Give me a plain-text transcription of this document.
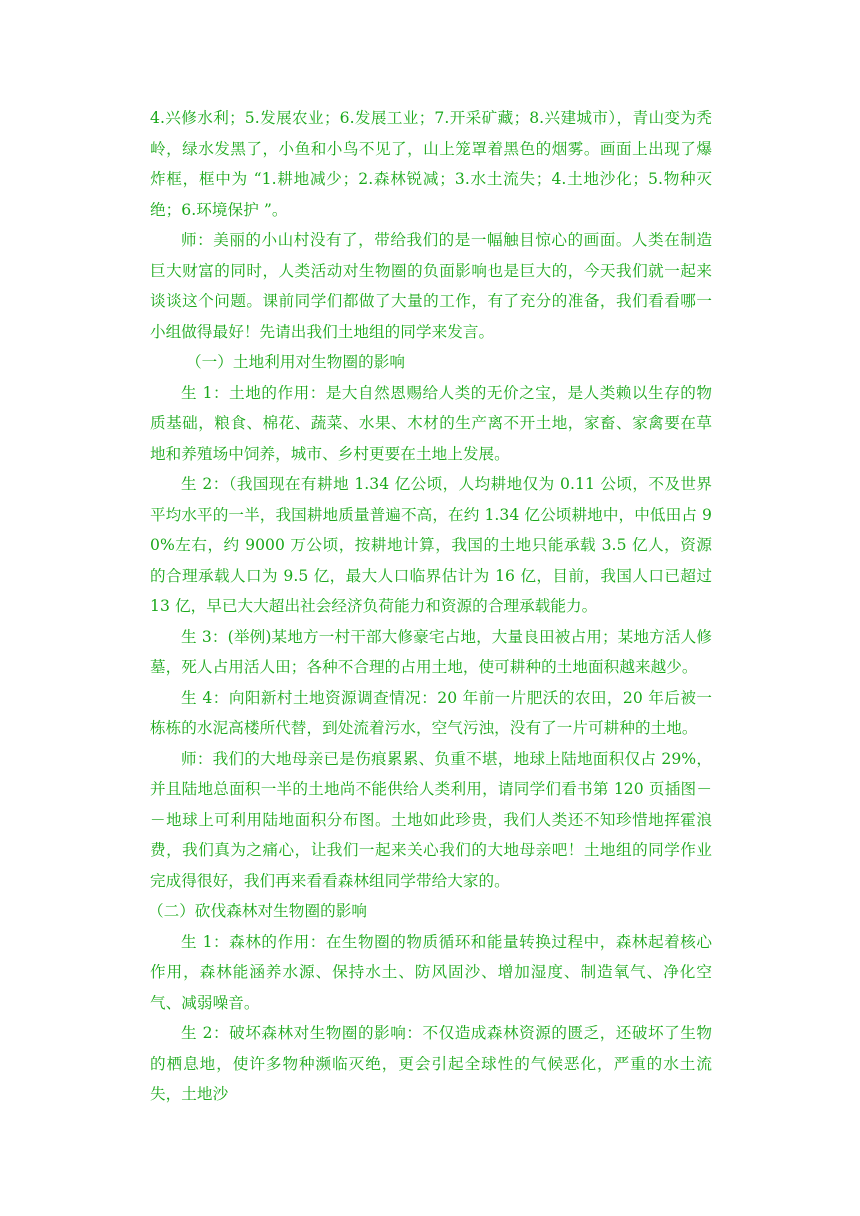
4.兴修水利；5.发展农业；6.发展工业；7.开采矿藏；8.兴建城市），青山变为秃岭，绿水发黑了，小鱼和小鸟不见了，山上笼罩着黑色的烟雾。画面上出现了爆炸框，框中为 “1.耕地减少；2.森林锐减；3.水土流失；4.土地沙化；5.物种灭绝；6.环境保护 ”。

师：美丽的小山村没有了，带给我们的是一幅触目惊心的画面。人类在制造巨大财富的同时，人类活动对生物圈的负面影响也是巨大的，今天我们就一起来谈谈这个问题。课前同学们都做了大量的工作，有了充分的准备，我们看看哪一小组做得最好！先请出我们土地组的同学来发言。

（一）土地利用对生物圈的影响

生 1：土地的作用：是大自然恩赐给人类的无价之宝，是人类赖以生存的物质基础，粮食、棉花、蔬菜、水果、木材的生产离不开土地，家畜、家禽要在草地和养殖场中饲养，城市、乡村更要在土地上发展。

生 2：（我国现在有耕地 1.34 亿公顷，人均耕地仅为 0.11 公顷，不及世界平均水平的一半，我国耕地质量普遍不高，在约 1.34 亿公顷耕地中，中低田占 90%左右，约 9000 万公顷，按耕地计算，我国的土地只能承载 3.5 亿人，资源的合理承载人口为 9.5 亿，最大人口临界估计为 16 亿，目前，我国人口已超过 13 亿，早已大大超出社会经济负荷能力和资源的合理承载能力。

生 3：(举例)某地方一村干部大修豪宅占地，大量良田被占用；某地方活人修墓，死人占用活人田；各种不合理的占用土地，使可耕种的土地面积越来越少。

生 4：向阳新村土地资源调查情况：20 年前一片肥沃的农田，20 年后被一栋栋的水泥高楼所代替，到处流着污水，空气污浊，没有了一片可耕种的土地。

师：我们的大地母亲已是伤痕累累、负重不堪，地球上陆地面积仅占 29%，并且陆地总面积一半的土地尚不能供给人类利用，请同学们看书第 120 页插图－－地球上可利用陆地面积分布图。土地如此珍贵，我们人类还不知珍惜地挥霍浪费，我们真为之痛心，让我们一起来关心我们的大地母亲吧！土地组的同学作业完成得很好，我们再来看看森林组同学带给大家的。

（二）砍伐森林对生物圈的影响

生 1：森林的作用：在生物圈的物质循环和能量转换过程中，森林起着核心作用，森林能涵养水源、保持水土、防风固沙、增加湿度、制造氧气、净化空气、减弱噪音。

生 2：破坏森林对生物圈的影响：不仅造成森林资源的匮乏，还破坏了生物的栖息地，使许多物种濒临灭绝，更会引起全球性的气候恶化，严重的水土流失，土地沙
